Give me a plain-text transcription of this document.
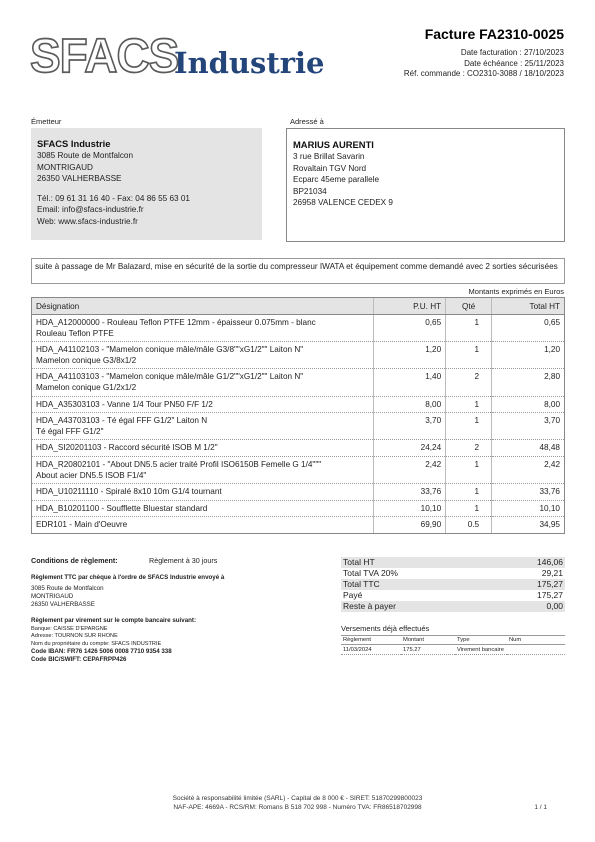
SFACS
Industrie
Facture FA2310-0025
Date facturation : 27/10/2023
Date échéance : 25/11/2023
Réf. commande : CO2310-3088 / 18/10/2023
Émetteur
SFACS Industrie
3085 Route de Montfalcon
MONTRIGAUD
26350 VALHERBASSE
Tél.: 09 61 31 16 40 - Fax: 04 86 55 63 01
Email: info@sfacs-industrie.fr
Web: www.sfacs-industrie.fr
Adressé à
MARIUS AURENTI
3 rue Brillat Savarin
Rovaltain TGV Nord
Ecparc 45eme parallele
BP21034
26958 VALENCE CEDEX 9
suite à passage de Mr Balazard, mise en sécurité de la sortie du compresseur IWATA et équipement comme demandé avec 2 sorties sécurisées
Montants exprimés en Euros
Désignation	P.U. HT	Qté	Total HT

HDA_A12000000 - Rouleau Teflon PTFE 12mm - épaisseur 0.075mm - blanc
Rouleau Teflon PTFE	0,65	1	0,65

HDA_A41102103 - "Mamelon conique mâle/mâle G3/8""xG1/2"" Laiton N"
Mamelon conique G3/8x1/2	1,20	1	1,20

HDA_A41103103 - "Mamelon conique mâle/mâle G1/2""xG1/2"" Laiton N"
Mamelon conique G1/2x1/2	1,40	2	2,80

HDA_A35303103 - Vanne 1/4 Tour PN50 F/F 1/2	8,00	1	8,00

HDA_A43703103 - Té égal FFF G1/2" Laiton N
Té égal FFF G1/2"	3,70	1	3,70

HDA_SI20201103 - Raccord sécurité ISOB M 1/2"	24,24	2	48,48

HDA_R20802101 - "About DN5.5 acier traité Profil ISO6150B Femelle G 1/4"""
About acier DN5.5 ISOB F1/4"	2,42	1	2,42

HDA_U10211110 - Spiralé 8x10 10m G1/4 tournant	33,76	1	33,76

HDA_B10201100 - Soufflette Bluestar standard	10,10	1	10,10

EDR101 - Main d'Oeuvre	69,90	0.5	34,95
Conditions de règlement:	Règlement à 30 jours
Règlement TTC par chèque à l'ordre de SFACS Industrie envoyé à
3085 Route de Montfalcon
MONTRIGAUD
26350 VALHERBASSE
Règlement par virement sur le compte bancaire suivant:
Banque: CAISSE D'EPARGNE
Adresse: TOURNON SUR RHONE
Nom du propriétaire du compte: SFACS INDUSTRIE
Code IBAN: FR76 1426 5006 0008 7710 9354 338
Code BIC/SWIFT: CEPAFRPP426
Total HT	146,06
Total TVA 20%	29,21
Total TTC	175,27
Payé	175,27
Reste à payer	0,00
Versements déjà effectués
Règlement	Montant	Type	Num
11/03/2024	175.27	Virement bancaire	
Société à responsabilité limitée (SARL) - Capital de 8 000 € - SIRET: 51870299800023
NAF-APE: 4669A - RCS/RM: Romans B 518 702 998 - Numéro TVA: FR86518702998	1 / 1
